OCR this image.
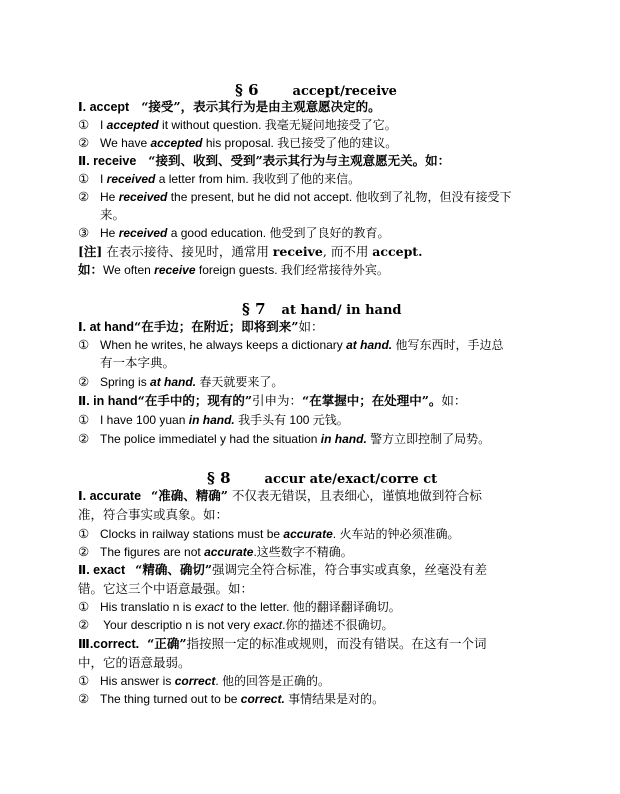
§ 6	accept/receive
Ⅰ. accept “接受”，表示其行为是由主观意愿决定的。
① I accepted it without question. 我毫无疑问地接受了它。
② We have accepted his proposal. 我已接受了他的建议。
Ⅱ. receive “接到、收到、受到”表示其行为与主观意愿无关。如：
① I received a letter from him. 我收到了他的来信。
② He received the present, but he did not accept. 他收到了礼物，但没有接受下
来。
③ He received a good education. 他受到了良好的教育。
[注] 在表示接待、接见时，通常用 receive, 而不用 accept.
如：We often receive foreign guests. 我们经常接待外宾。
§ 7 at hand/ in hand
Ⅰ. at hand“在手边；在附近；即将到来”如：
① When he writes, he always keeps a dictionary at hand. 他写东西时，手边总
有一本字典。
② Spring is at hand. 春天就要来了。
Ⅱ. in hand“在手中的；现有的”引申为：“在掌握中；在处理中”。如：
① I have 100 yuan in hand. 我手头有 100 元钱。
② The police immediatel y had the situation in hand. 警方立即控制了局势。
§ 8	accur ate/exact/corre ct
Ⅰ. accurate “准确、精确” 不仅表无错误，且表细心，谨慎地做到符合标
准，符合事实或真象。如：
① Clocks in railway stations must be accurate. 火车站的钟必须准确。
② The figures are not accurate.这些数字不精确。
Ⅱ. exact “精确、确切”强调完全符合标准，符合事实或真象，丝毫没有差
错。它这三个中语意最强。如：
① His translatio n is exact to the letter. 他的翻译翻译确切。
② Your descriptio n is not very exact.你的描述不很确切。
Ⅲ.correct. “正确”指按照一定的标准或规则，而没有错误。在这有一个词
中，它的语意最弱。
① His answer is correct. 他的回答是正确的。
② The thing turned out to be correct. 事情结果是对的。
